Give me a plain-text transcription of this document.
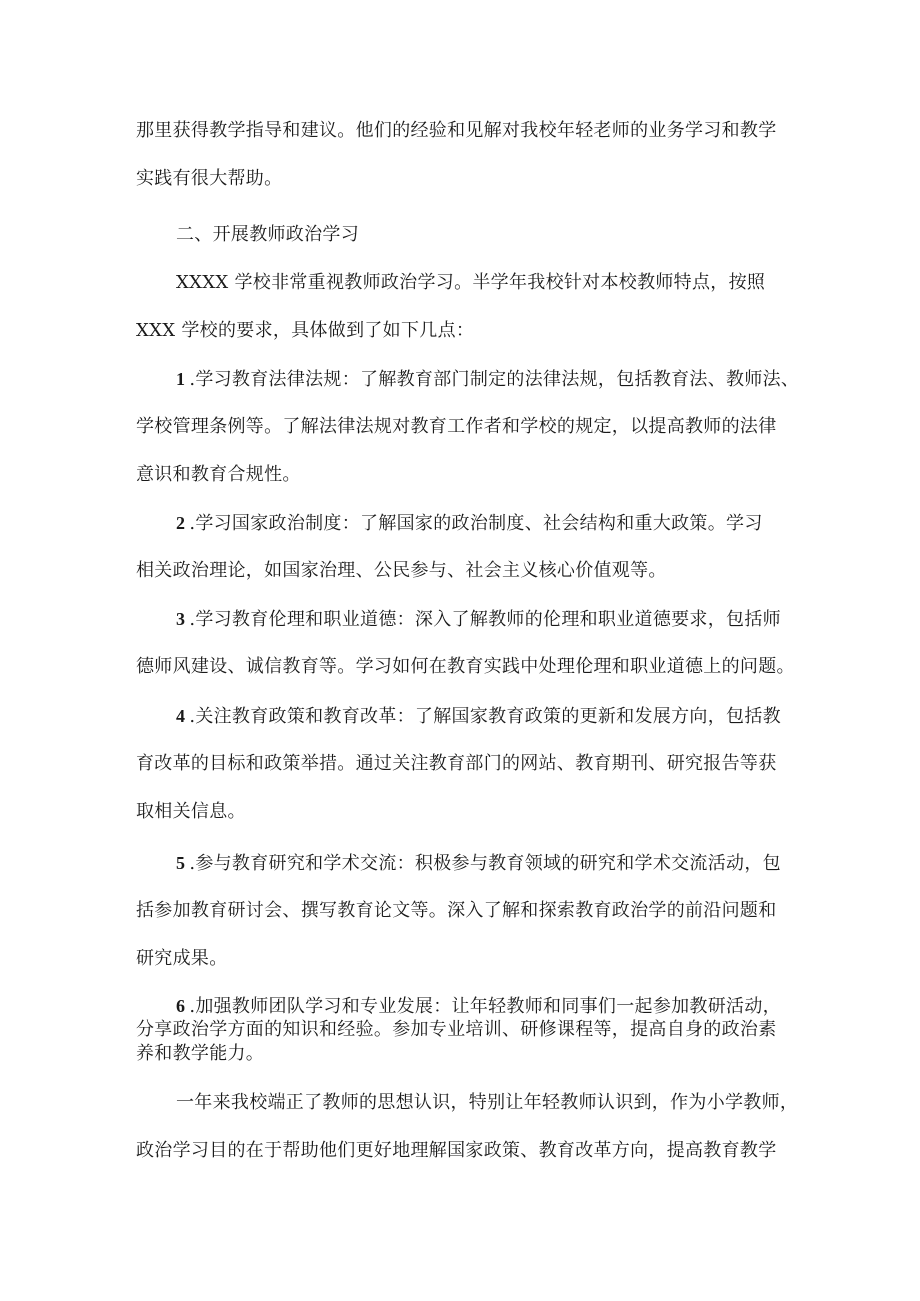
那里获得教学指导和建议。他们的经验和见解对我校年轻老师的业务学习和教学
实践有很大帮助。
二、开展教师政治学习
XXXX 学校非常重视教师政治学习。半学年我校针对本校教师特点，按照
XXX 学校的要求，具体做到了如下几点：
1 .学习教育法律法规：了解教育部门制定的法律法规，包括教育法、教师法、
学校管理条例等。了解法律法规对教育工作者和学校的规定，以提高教师的法律
意识和教育合规性。
2 .学习国家政治制度：了解国家的政治制度、社会结构和重大政策。学习
相关政治理论，如国家治理、公民参与、社会主义核心价值观等。
3 .学习教育伦理和职业道德：深入了解教师的伦理和职业道德要求，包括师
德师风建设、诚信教育等。学习如何在教育实践中处理伦理和职业道德上的问题。
4 .关注教育政策和教育改革：了解国家教育政策的更新和发展方向，包括教
育改革的目标和政策举措。通过关注教育部门的网站、教育期刊、研究报告等获
取相关信息。
5 .参与教育研究和学术交流：积极参与教育领域的研究和学术交流活动，包
括参加教育研讨会、撰写教育论文等。深入了解和探索教育政治学的前沿问题和
研究成果。
6 .加强教师团队学习和专业发展：让年轻教师和同事们一起参加教研活动，
分享政治学方面的知识和经验。参加专业培训、研修课程等，提高自身的政治素
养和教学能力。
一年来我校端正了教师的思想认识，特别让年轻教师认识到，作为小学教师，
政治学习目的在于帮助他们更好地理解国家政策、教育改革方向，提高教育教学
